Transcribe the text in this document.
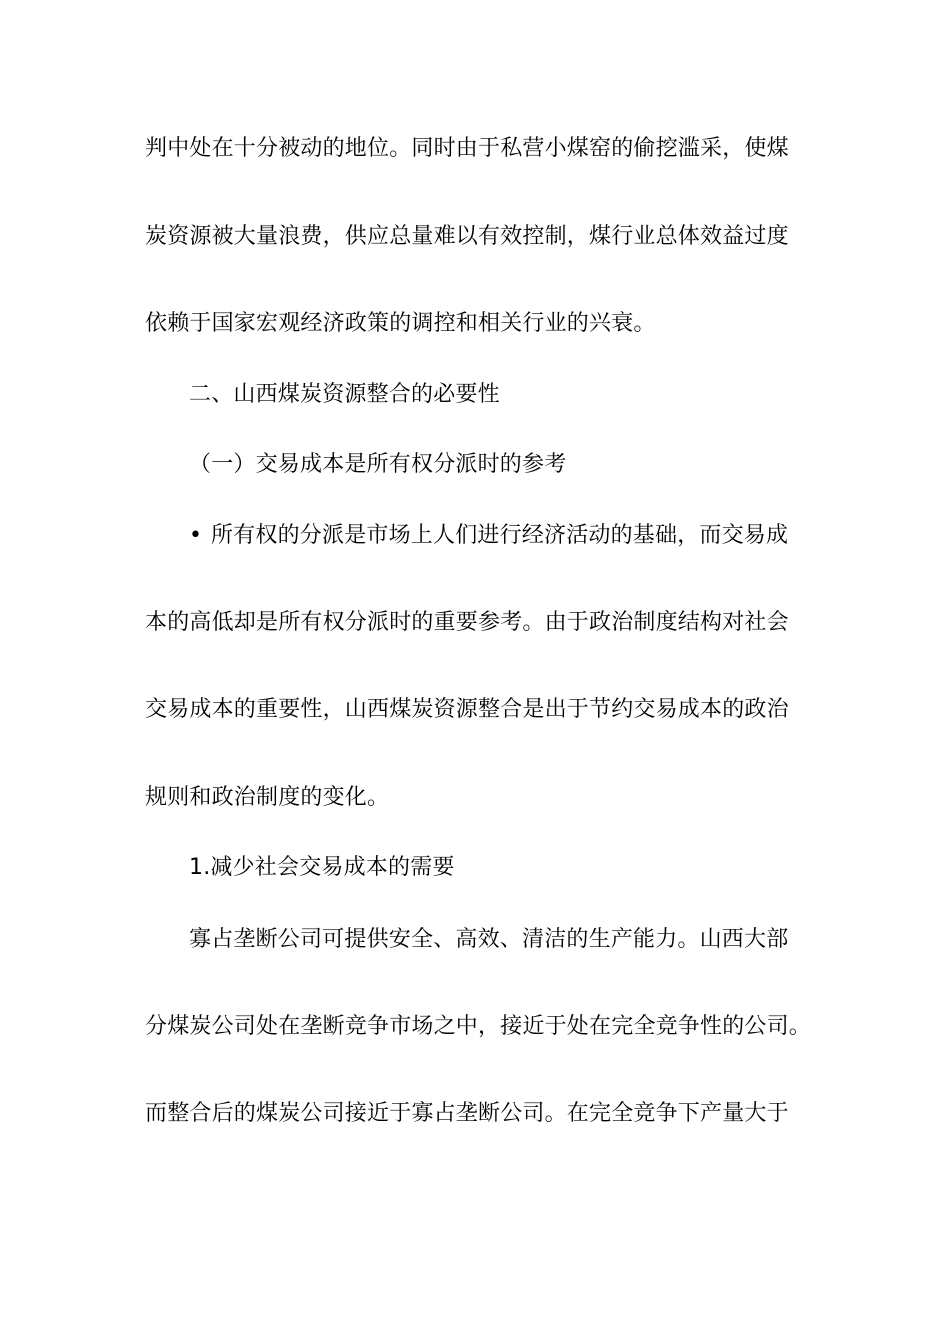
判中处在十分被动的地位。同时由于私营小煤窑的偷挖滥采，使煤
炭资源被大量浪费，供应总量难以有效控制，煤行业总体效益过度
依赖于国家宏观经济政策的调控和相关行业的兴衰。
二、山西煤炭资源整合的必要性
（一）交易成本是所有权分派时的参考
• 所有权的分派是市场上人们进行经济活动的基础，而交易成
本的高低却是所有权分派时的重要参考。由于政治制度结构对社会
交易成本的重要性，山西煤炭资源整合是出于节约交易成本的政治
规则和政治制度的变化。
1.减少社会交易成本的需要
寡占垄断公司可提供安全、高效、清洁的生产能力。山西大部
分煤炭公司处在垄断竞争市场之中，接近于处在完全竞争性的公司。
而整合后的煤炭公司接近于寡占垄断公司。在完全竞争下产量大于
